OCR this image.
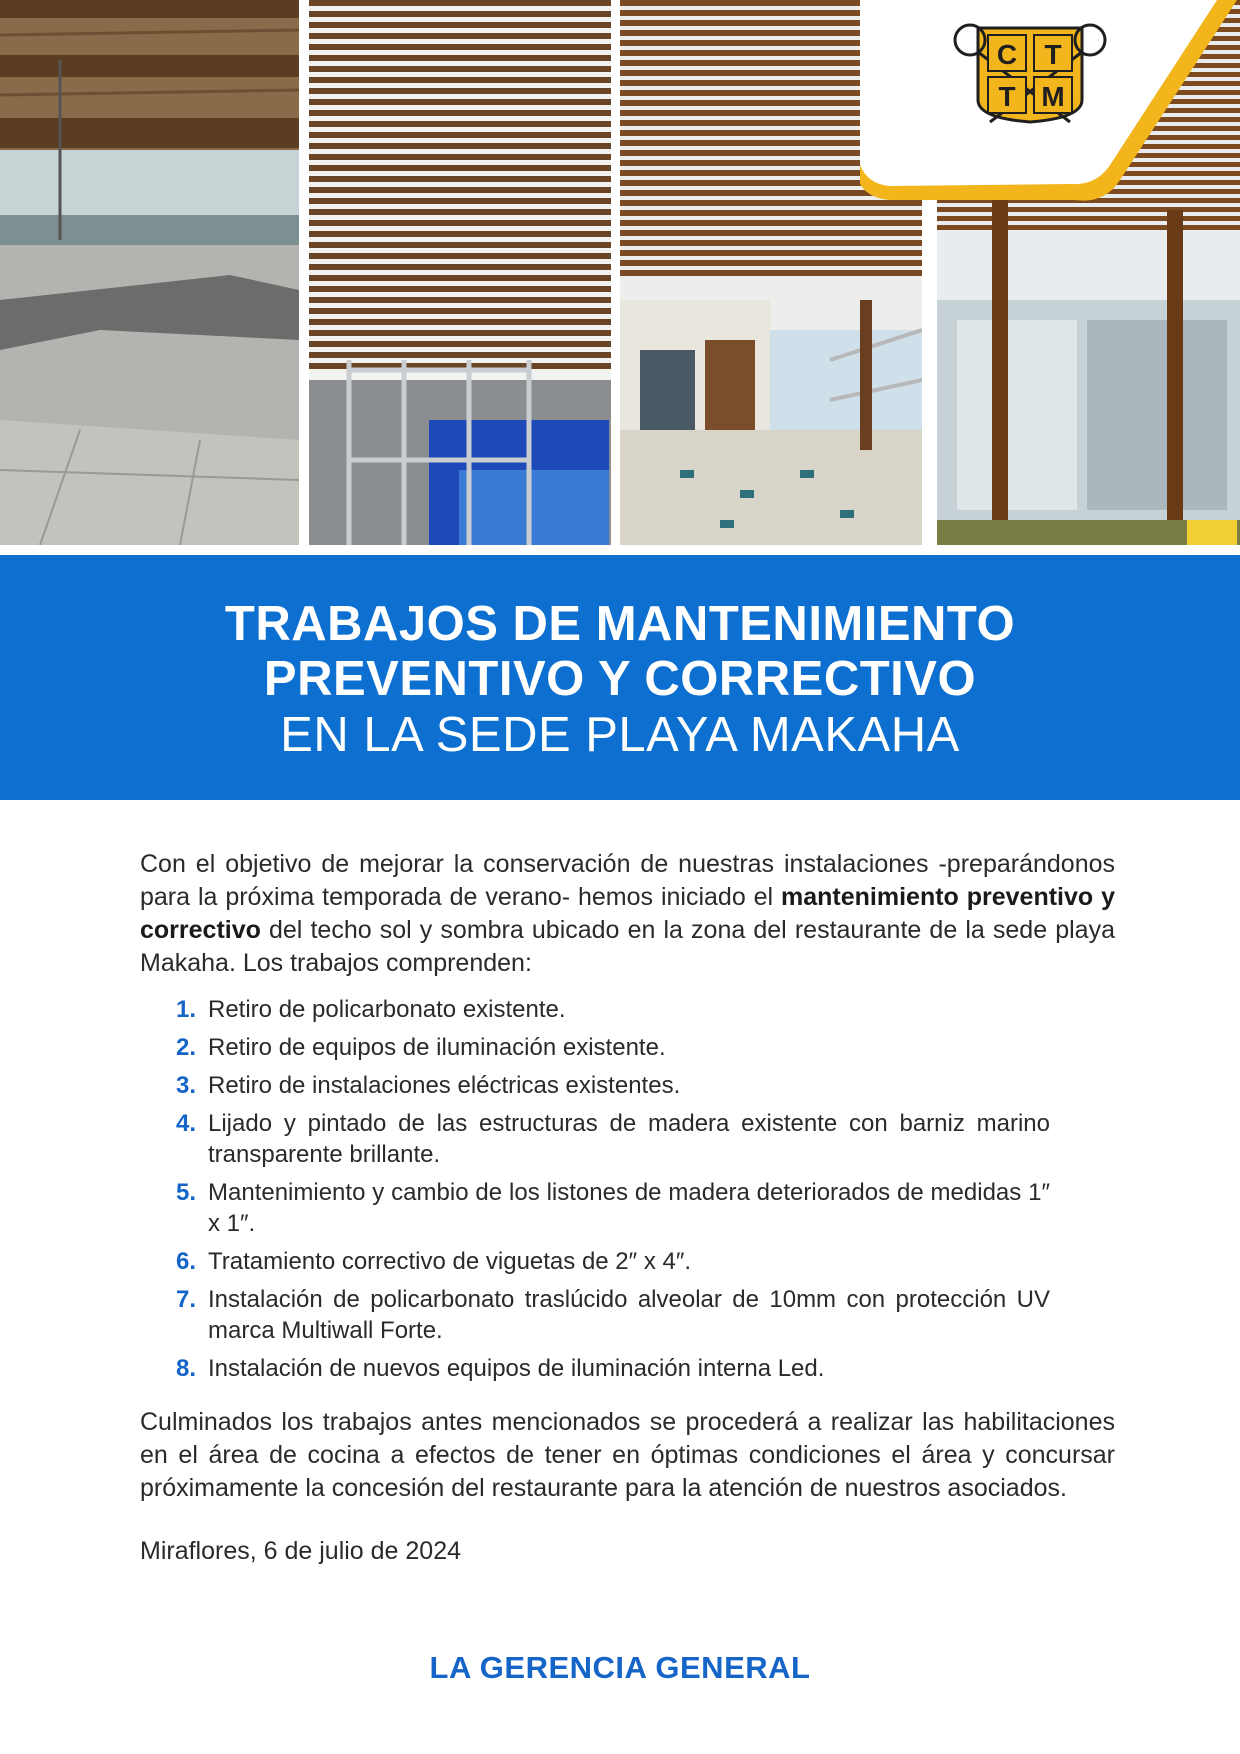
C T
T M
TRABAJOS DE MANTENIMIENTO
PREVENTIVO Y CORRECTIVO
EN LA SEDE PLAYA MAKAHA

Con el objetivo de mejorar la conservación de nuestras instalaciones -preparándonos para la próxima temporada de verano- hemos iniciado el mantenimiento preventivo y correctivo del techo sol y sombra ubicado en la zona del restaurante de la sede playa Makaha. Los trabajos comprenden:

1. Retiro de policarbonato existente.
2. Retiro de equipos de iluminación existente.
3. Retiro de instalaciones eléctricas existentes.
4. Lijado y pintado de las estructuras de madera existente con barniz marino transparente brillante.
5. Mantenimiento y cambio de los listones de madera deteriorados de medidas 1″ x 1″.
6. Tratamiento correctivo de viguetas de 2″ x 4″.
7. Instalación de policarbonato traslúcido alveolar de 10mm con protección UV marca Multiwall Forte.
8. Instalación de nuevos equipos de iluminación interna Led.

Culminados los trabajos antes mencionados se procederá a realizar las habilitaciones en el área de cocina a efectos de tener en óptimas condiciones el área y concursar próximamente la concesión del restaurante para la atención de nuestros asociados.

Miraflores, 6 de julio de 2024

LA GERENCIA GENERAL
